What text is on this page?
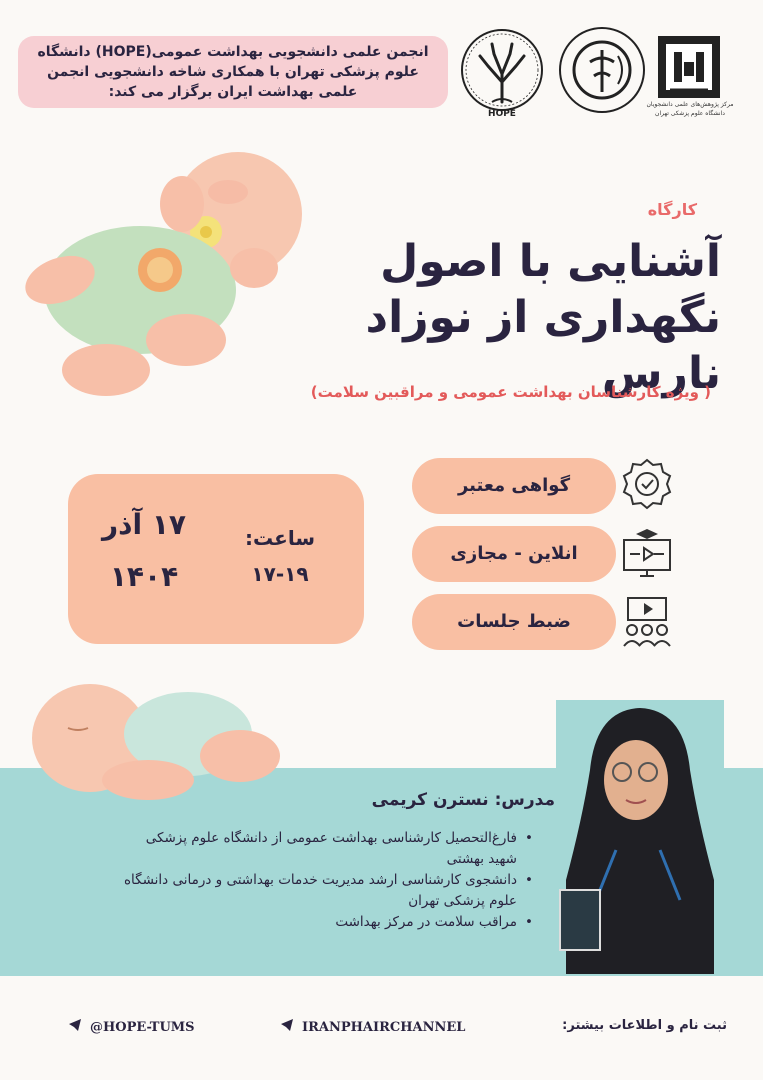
انجمن علمی دانشجویی بهداشت عمومی(HOPE) دانشگاه علوم پزشکی تهران با همکاری شاخه دانشجویی انجمن علمی بهداشت ایران برگزار می کند:
HOPE
مرکز پژوهش‌های علمی دانشجویان دانشگاه علوم پزشکی تهران
کارگاه
آشنایی با اصول
نگهداری از نوزاد نارس
( ویژه کارشناسان بهداشت عمومی و مراقبین سلامت)
۱۷ آذر
۱۴۰۴
ساعت:
۱۷-۱۹
گواهی معتبر
انلاین - مجازی
ضبط جلسات
مدرس: نسترن کریمی
• فارغ‌التحصیل کارشناسی بهداشت عمومی از دانشگاه علوم پزشکی شهید بهشتی
• دانشجوی کارشناسی ارشد مدیریت خدمات بهداشتی و درمانی دانشگاه علوم پزشکی تهران
• مراقب سلامت در مرکز بهداشت
@HOPE-TUMS	IRANPHAIRCHANNEL	ثبت نام و اطلاعات بیشتر:
